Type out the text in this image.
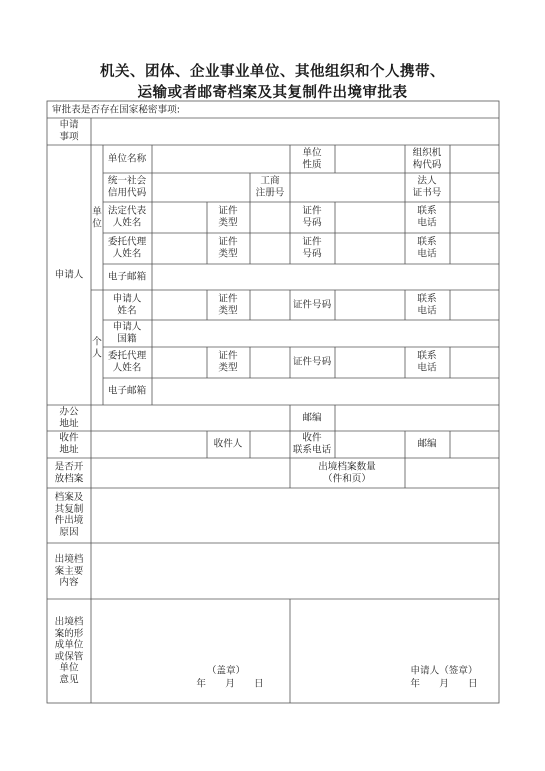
机关、团体、企业事业单位、其他组织和个人携带、
运输或者邮寄档案及其复制件出境审批表
审批表是否存在国家秘密事项:
申请
事项
申请人
单
位
个
人
单位名称
单位
性质
组织机
构代码
统一社会
信用代码
工商
注册号
法人
证书号
法定代表
人姓名
证件
类型
证件
号码
联系
电话
委托代理
人姓名
证件
类型
证件
号码
联系
电话
电子邮箱
申请人
姓名
证件
类型
证件号码
联系
电话
申请人
国籍
委托代理
人姓名
证件
类型
证件号码
联系
电话
电子邮箱
办公
地址
邮编
收件
地址
收件人
收件
联系电话
邮编
是否开
放档案
出境档案数量
（件和页）
档案及
其复制
件出境
原因
出境档
案主要
内容
出境档
案的形
成单位
或保管
单位
意见
（盖章）
年　　月　　日
申请人（签章）
年　　月　　日
